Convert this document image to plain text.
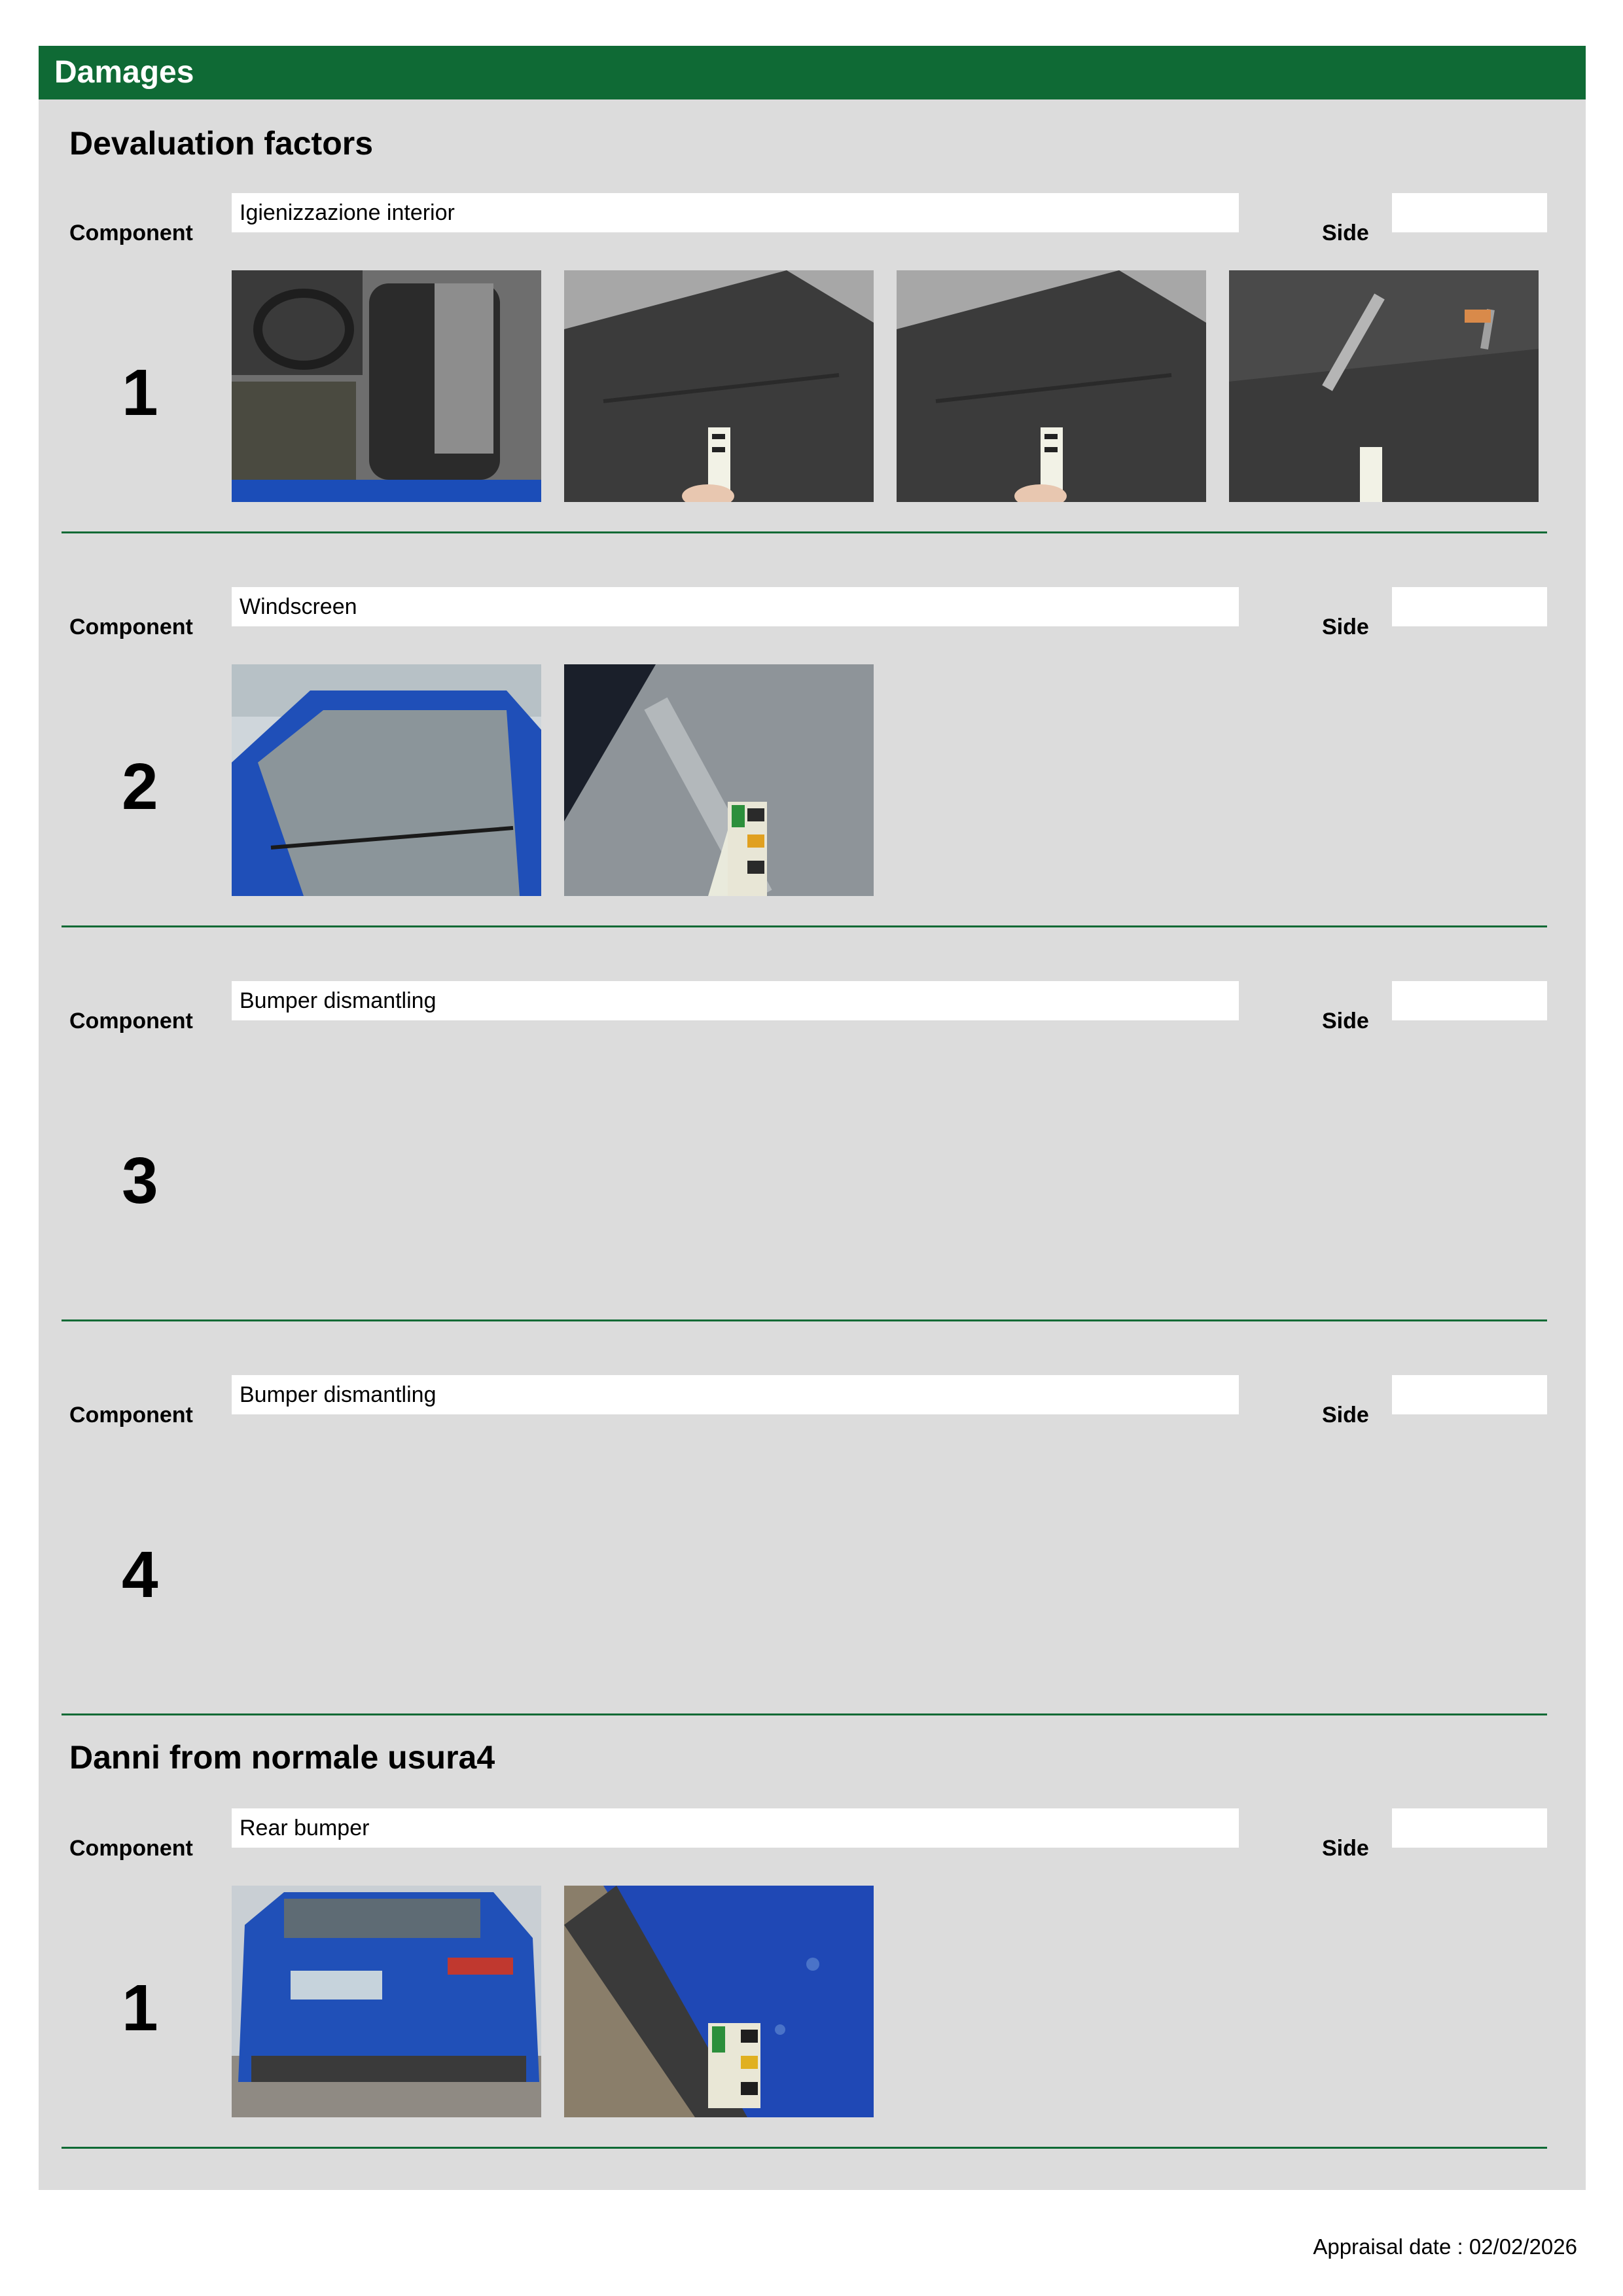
Damages
Devaluation factors
Danni from normale usura4
Component
Igienizzazione interior
Side
1
Component
Windscreen
Side
2
Component
Bumper dismantling
Side
3
Component
Bumper dismantling
Side
4
Component
Rear bumper
Side
1
Appraisal date : 02/02/2026
